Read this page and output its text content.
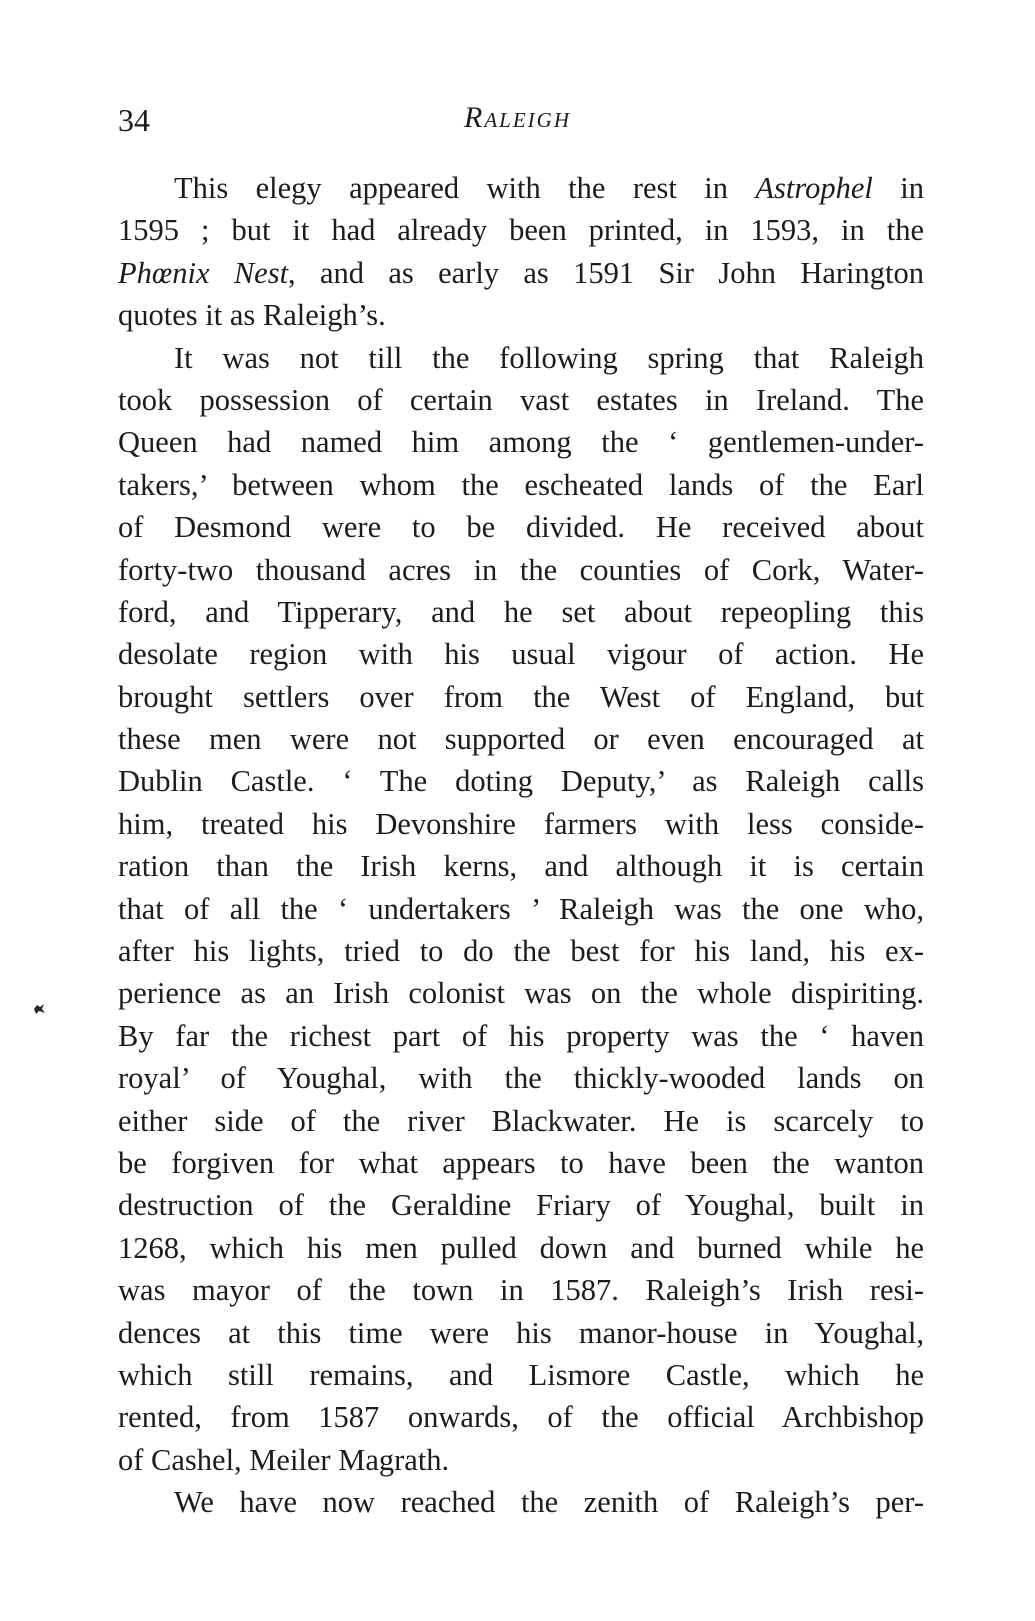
34	Raleigh
This elegy appeared with the rest in Astrophel in
1595 ; but it had already been printed, in 1593, in the
Phœnix Nest, and as early as 1591 Sir John Harington
quotes it as Raleigh’s.
It was not till the following spring that Raleigh
took possession of certain vast estates in Ireland. The
Queen had named him among the ‘ gentlemen-under-
takers,’ between whom the escheated lands of the Earl
of Desmond were to be divided. He received about
forty-two thousand acres in the counties of Cork, Water-
ford, and Tipperary, and he set about repeopling this
desolate region with his usual vigour of action. He
brought settlers over from the West of England, but
these men were not supported or even encouraged at
Dublin Castle. ‘ The doting Deputy,’ as Raleigh calls
him, treated his Devonshire farmers with less conside-
ration than the Irish kerns, and although it is certain
that of all the ‘ undertakers ’ Raleigh was the one who,
after his lights, tried to do the best for his land, his ex-
perience as an Irish colonist was on the whole dispiriting.
By far the richest part of his property was the ‘ haven
royal’ of Youghal, with the thickly-wooded lands on
either side of the river Blackwater. He is scarcely to
be forgiven for what appears to have been the wanton
destruction of the Geraldine Friary of Youghal, built in
1268, which his men pulled down and burned while he
was mayor of the town in 1587. Raleigh’s Irish resi-
dences at this time were his manor-house in Youghal,
which still remains, and Lismore Castle, which he
rented, from 1587 onwards, of the official Archbishop
of Cashel, Meiler Magrath.
We have now reached the zenith of Raleigh’s per-
